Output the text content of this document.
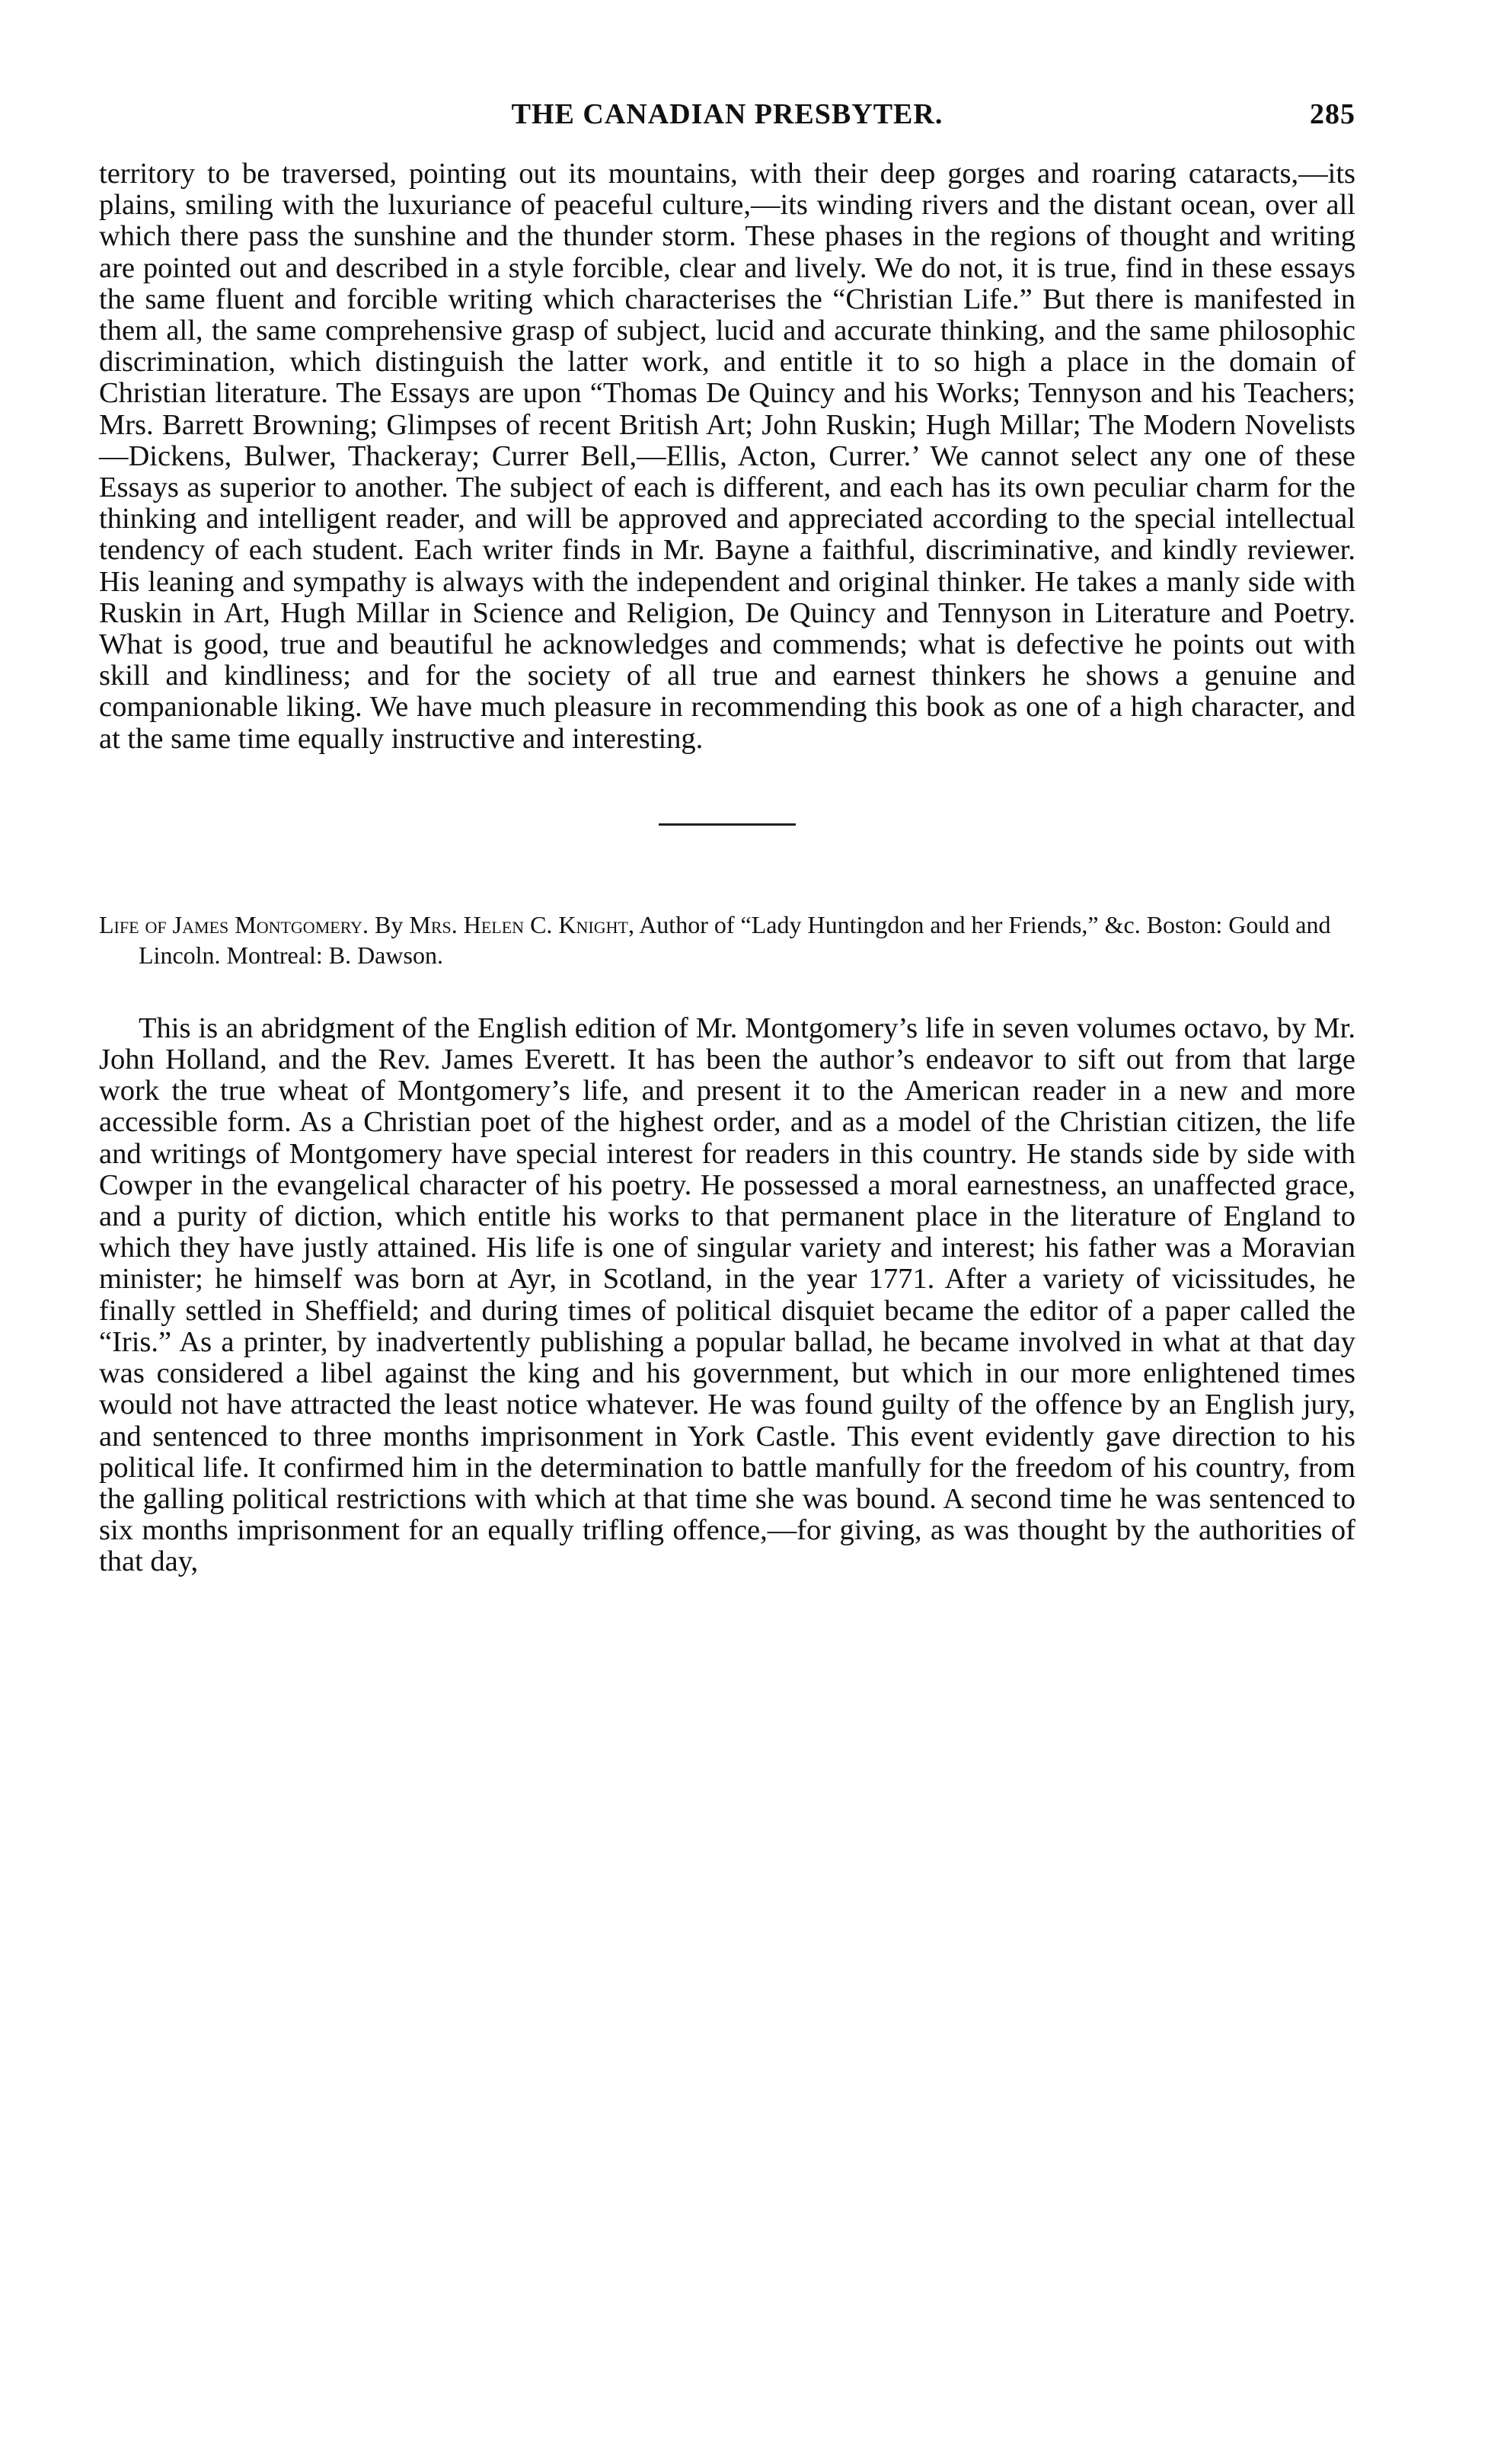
THE CANADIAN PRESBYTER.	285

territory to be traversed, pointing out its mountains, with their deep gorges and roaring cataracts,—its plains, smiling with the luxuriance of peaceful culture,—its winding rivers and the distant ocean, over all which there pass the sunshine and the thunder storm. These phases in the regions of thought and writing are pointed out and described in a style forcible, clear and lively. We do not, it is true, find in these essays the same fluent and forcible writing which characterises the “Christian Life.” But there is manifested in them all, the same comprehensive grasp of subject, lucid and accurate thinking, and the same philosophic discrimination, which distinguish the latter work, and entitle it to so high a place in the domain of Christian literature. The Essays are upon “Thomas De Quincy and his Works; Tennyson and his Teachers; Mrs. Barrett Browning; Glimpses of recent British Art; John Ruskin; Hugh Millar; The Modern Novelists—Dickens, Bulwer, Thackeray; Currer Bell,—Ellis, Acton, Currer.’ We cannot select any one of these Essays as superior to another. The subject of each is different, and each has its own peculiar charm for the thinking and intelligent reader, and will be approved and appreciated according to the special intellectual tendency of each student. Each writer finds in Mr. Bayne a faithful, discriminative, and kindly reviewer. His leaning and sympathy is always with the independent and original thinker. He takes a manly side with Ruskin in Art, Hugh Millar in Science and Religion, De Quincy and Tennyson in Literature and Poetry. What is good, true and beautiful he acknowledges and commends; what is defective he points out with skill and kindliness; and for the society of all true and earnest thinkers he shows a genuine and companionable liking. We have much pleasure in recommending this book as one of a high character, and at the same time equally instructive and interesting.

Life of James Montgomery. By Mrs. Helen C. Knight, Author of “Lady Huntingdon and her Friends,” &c. Boston: Gould and Lincoln. Montreal: B. Dawson.

This is an abridgment of the English edition of Mr. Montgomery’s life in seven volumes octavo, by Mr. John Holland, and the Rev. James Everett. It has been the author’s endeavor to sift out from that large work the true wheat of Montgomery’s life, and present it to the American reader in a new and more accessible form. As a Christian poet of the highest order, and as a model of the Christian citizen, the life and writings of Montgomery have special interest for readers in this country. He stands side by side with Cowper in the evangelical character of his poetry. He possessed a moral earnestness, an unaffected grace, and a purity of diction, which entitle his works to that permanent place in the literature of England to which they have justly attained. His life is one of singular variety and interest; his father was a Moravian minister; he himself was born at Ayr, in Scotland, in the year 1771. After a variety of vicissitudes, he finally settled in Sheffield; and during times of political disquiet became the editor of a paper called the “Iris.” As a printer, by inadvertently publishing a popular ballad, he became involved in what at that day was considered a libel against the king and his government, but which in our more enlightened times would not have attracted the least notice whatever. He was found guilty of the offence by an English jury, and sentenced to three months imprisonment in York Castle. This event evidently gave direction to his political life. It confirmed him in the determination to battle manfully for the freedom of his country, from the galling political restrictions with which at that time she was bound. A second time he was sentenced to six months imprisonment for an equally trifling offence,—for giving, as was thought by the authorities of that day,
